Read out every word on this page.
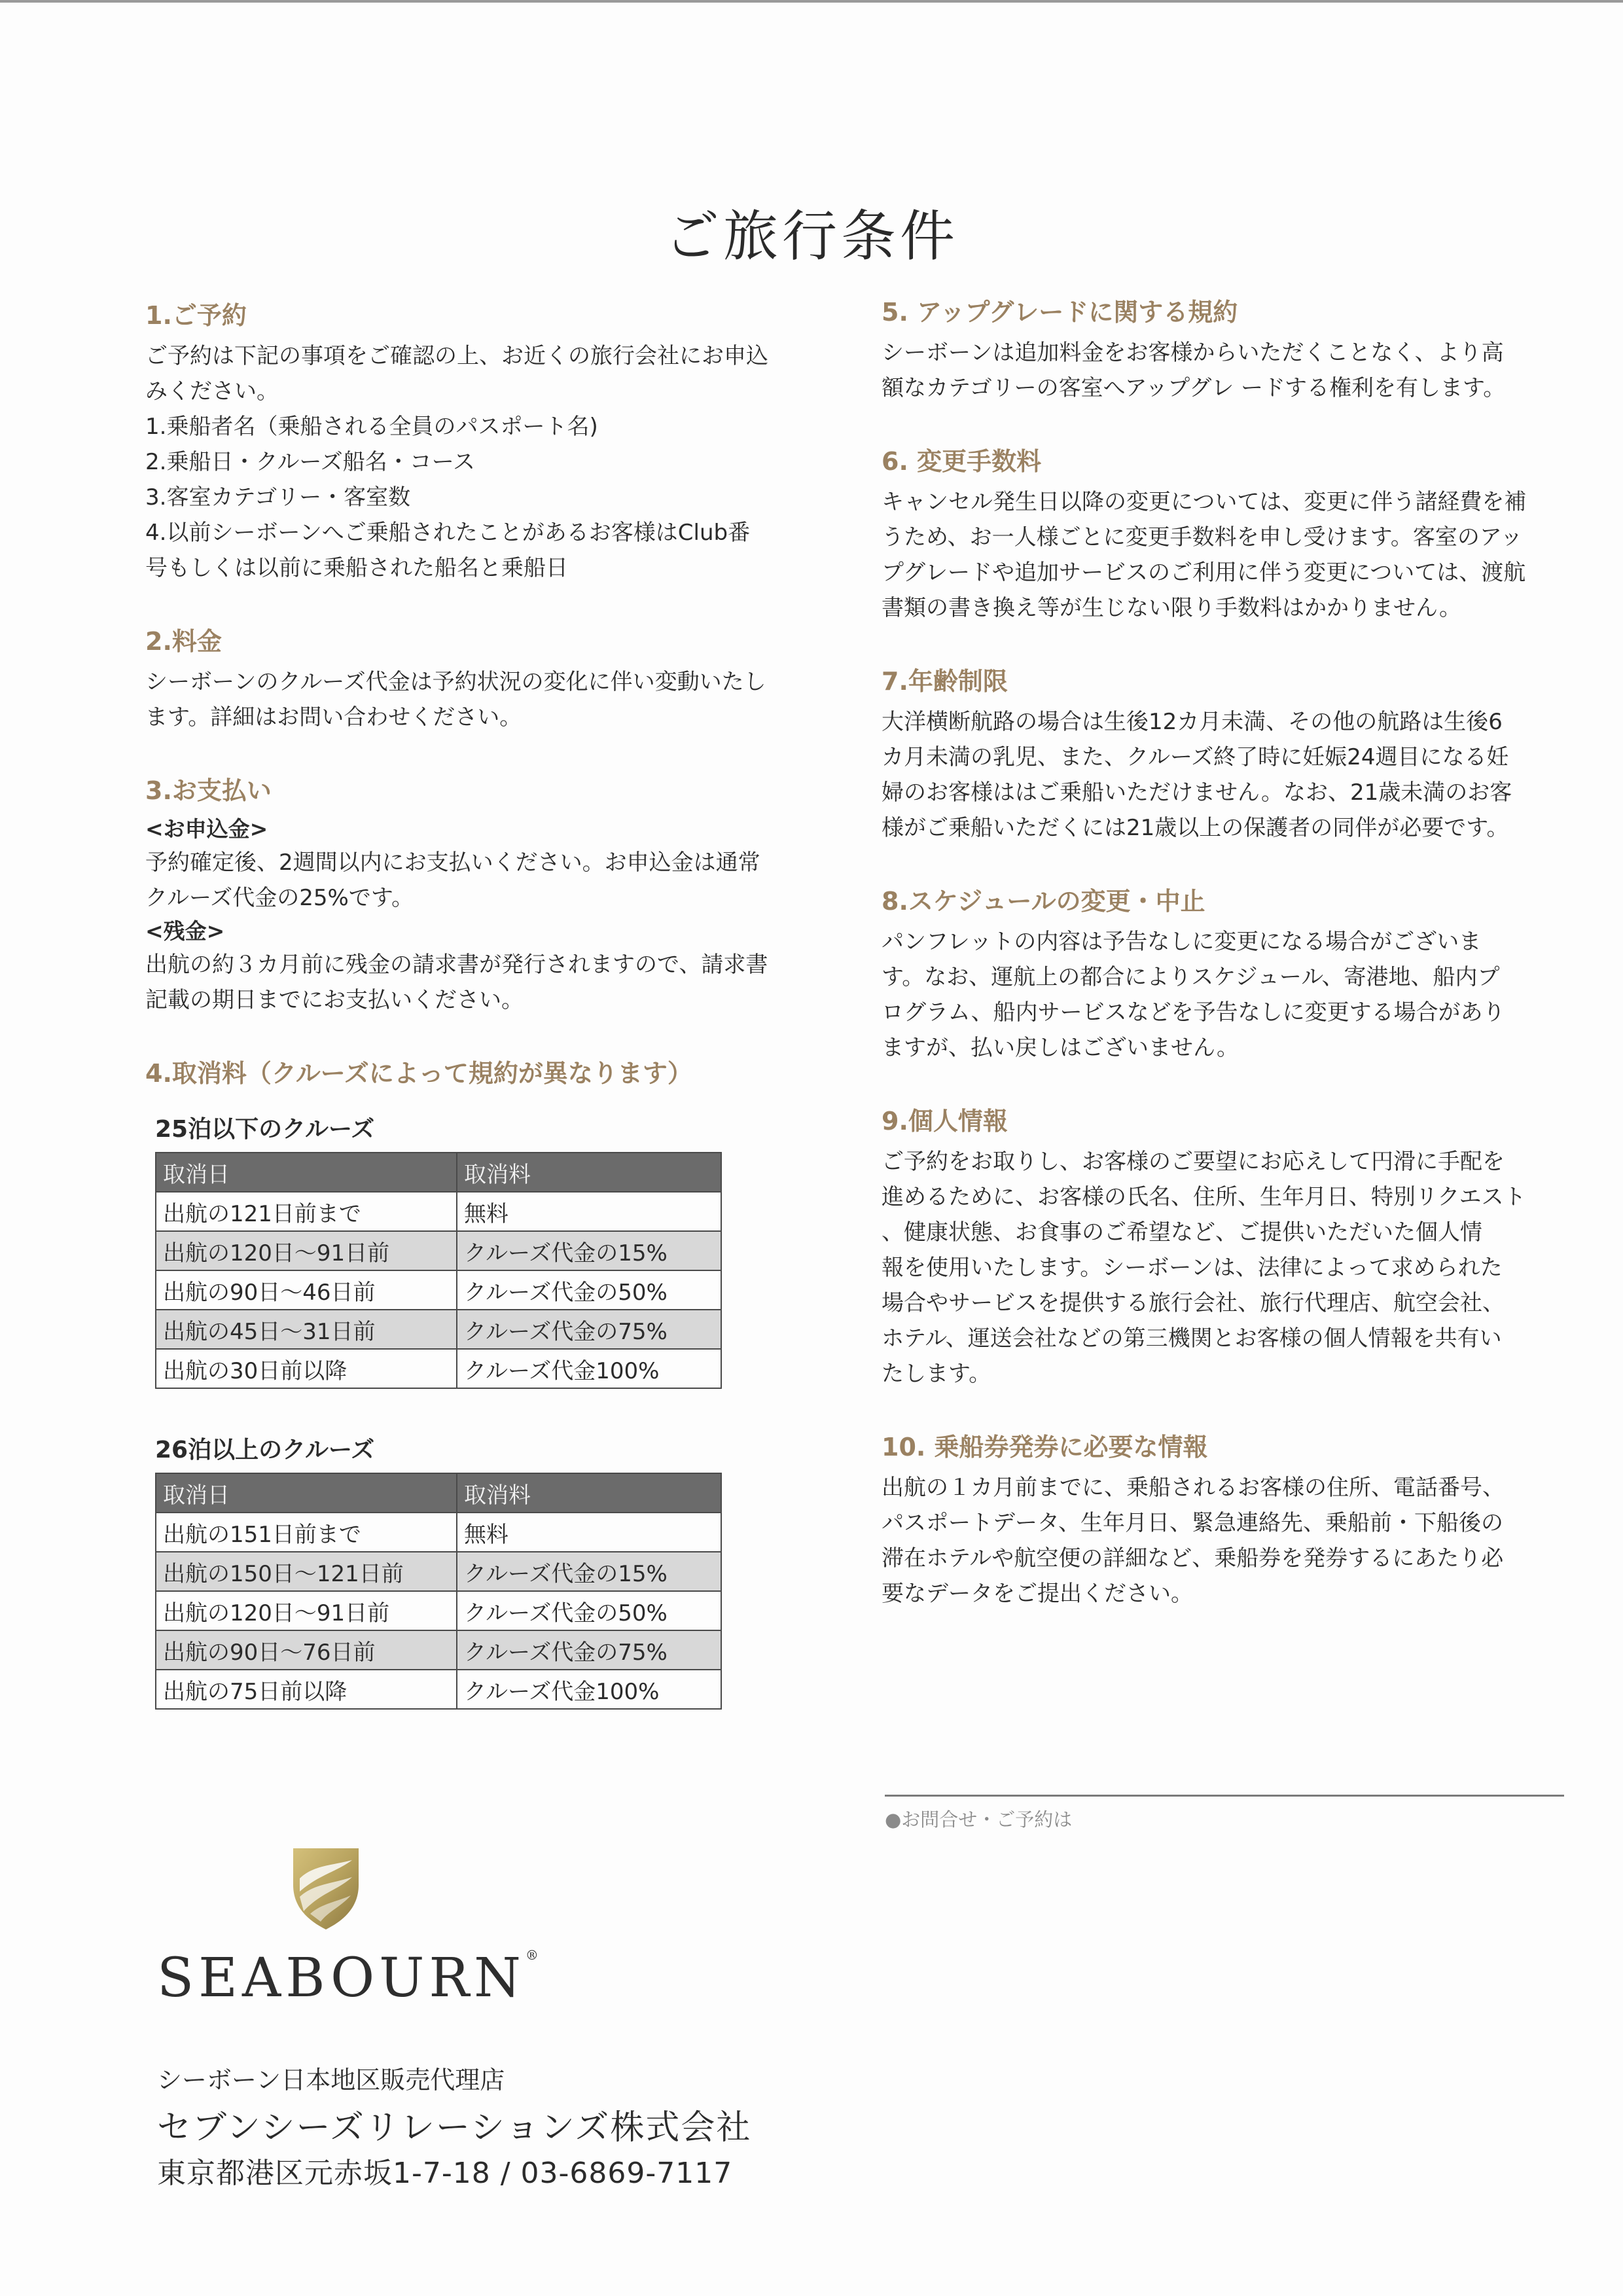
ご旅行条件
1.ご予約

ご予約は下記の事項をご確認の上、お近くの旅行会社にお申込
みください。
1.乗船者名（乗船される全員のパスポート名)
2.乗船日・クルーズ船名・コース
3.客室カテゴリー・客室数
4.以前シーボーンへご乗船されたことがあるお客様はClub番
号もしくは以前に乗船された船名と乗船日

2.料金

シーボーンのクルーズ代金は予約状況の変化に伴い変動いたし
ます。詳細はお問い合わせください。

3.お支払い
<お申込金>

予約確定後、2週間以内にお支払いください。お申込金は通常
クルーズ代金の25%です。

<残金>

出航の約３カ月前に残金の請求書が発行されますので、請求書
記載の期日までにお支払いください。

4.取消料（クルーズによって規約が異なります）
25泊以下のクルーズ
取消日	取消料
出航の121日前まで	無料
出航の120日〜91日前	クルーズ代金の15%
出航の90日〜46日前	クルーズ代金の50%
出航の45日〜31日前	クルーズ代金の75%
出航の30日前以降	クルーズ代金100%
26泊以上のクルーズ
取消日	取消料
出航の151日前まで	無料
出航の150日〜121日前	クルーズ代金の15%
出航の120日〜91日前	クルーズ代金の50%
出航の90日〜76日前	クルーズ代金の75%
出航の75日前以降	クルーズ代金100%
5. アップグレードに関する規約

シーボーンは追加料金をお客様からいただくことなく、より高
額なカテゴリーの客室へアップグレ ードする権利を有します。

6. 変更手数料

キャンセル発生日以降の変更については、変更に伴う諸経費を補
うため、お一人様ごとに変更手数料を申し受けます。客室のアッ
プグレードや追加サービスのご利用に伴う変更については、渡航
書類の書き換え等が生じない限り手数料はかかりません。

7.年齢制限

大洋横断航路の場合は生後12カ月未満、その他の航路は生後6
カ月未満の乳児、また、クルーズ終了時に妊娠24週目になる妊
婦のお客様ははご乗船いただけません。なお、21歳未満のお客
様がご乗船いただくには21歳以上の保護者の同伴が必要です。

8.スケジュールの変更・中止

パンフレットの内容は予告なしに変更になる場合がございま
す。なお、運航上の都合によりスケジュール、寄港地、船内プ
ログラム、船内サービスなどを予告なしに変更する場合があり
ますが、払い戻しはございません。

9.個人情報

ご予約をお取りし、お客様のご要望にお応えして円滑に手配を
進めるために、お客様の氏名、住所、生年月日、特別リクエスト
、健康状態、お食事のご希望など、ご提供いただいた個人情
報を使用いたします。シーボーンは、法律によって求められた
場合やサービスを提供する旅行会社、旅行代理店、航空会社、
ホテル、運送会社などの第三機関とお客様の個人情報を共有い
たします。

10. 乗船券発券に必要な情報

出航の１カ月前までに、乗船されるお客様の住所、電話番号、
パスポートデータ、生年月日、緊急連絡先、乗船前・下船後の
滞在ホテルや航空便の詳細など、乗船券を発券するにあたり必
要なデータをご提出ください。

●お問合せ・ご予約は
SEABOURN®
シーボーン日本地区販売代理店
セブンシーズリレーションズ株式会社
東京都港区元赤坂1-7-18 / 03-6869-7117
